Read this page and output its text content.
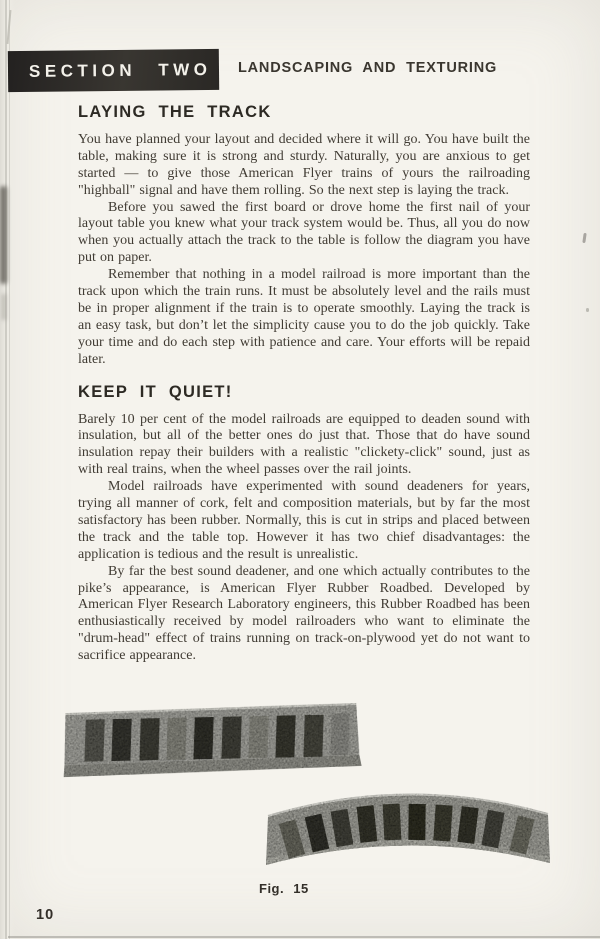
SECTION TWO LANDSCAPING AND TEXTURING
LAYING THE TRACK

You have planned your layout and decided where it will go. You have built the table, making sure it is strong and sturdy. Naturally, you are anxious to get started — to give those American Flyer trains of yours the railroading "highball" signal and have them rolling. So the next step is laying the track.

Before you sawed the first board or drove home the first nail of your layout table you knew what your track system would be. Thus, all you do now when you actually attach the track to the table is follow the diagram you have put on paper.

Remember that nothing in a model railroad is more important than the track upon which the train runs. It must be absolutely level and the rails must be in proper alignment if the train is to operate smoothly. Laying the track is an easy task, but don’t let the simplicity cause you to do the job quickly. Take your time and do each step with patience and care. Your efforts will be repaid later.

KEEP IT QUIET!

Barely 10 per cent of the model railroads are equipped to deaden sound with insulation, but all of the better ones do just that. Those that do have sound insulation repay their builders with a realistic "clickety-click" sound, just as with real trains, when the wheel passes over the rail joints.

Model railroads have experimented with sound deadeners for years, trying all manner of cork, felt and composition materials, but by far the most satisfactory has been rubber. Normally, this is cut in strips and placed between the track and the table top. However it has two chief disadvantages: the application is tedious and the result is unrealistic.

By far the best sound deadener, and one which actually contributes to the pike’s appearance, is American Flyer Rubber Roadbed. Developed by American Flyer Research Laboratory engineers, this Rubber Roadbed has been enthusiastically received by model railroaders who want to eliminate the "drum-head" effect of trains running on track-on-plywood yet do not want to sacrifice appearance.

Fig. 15
10
